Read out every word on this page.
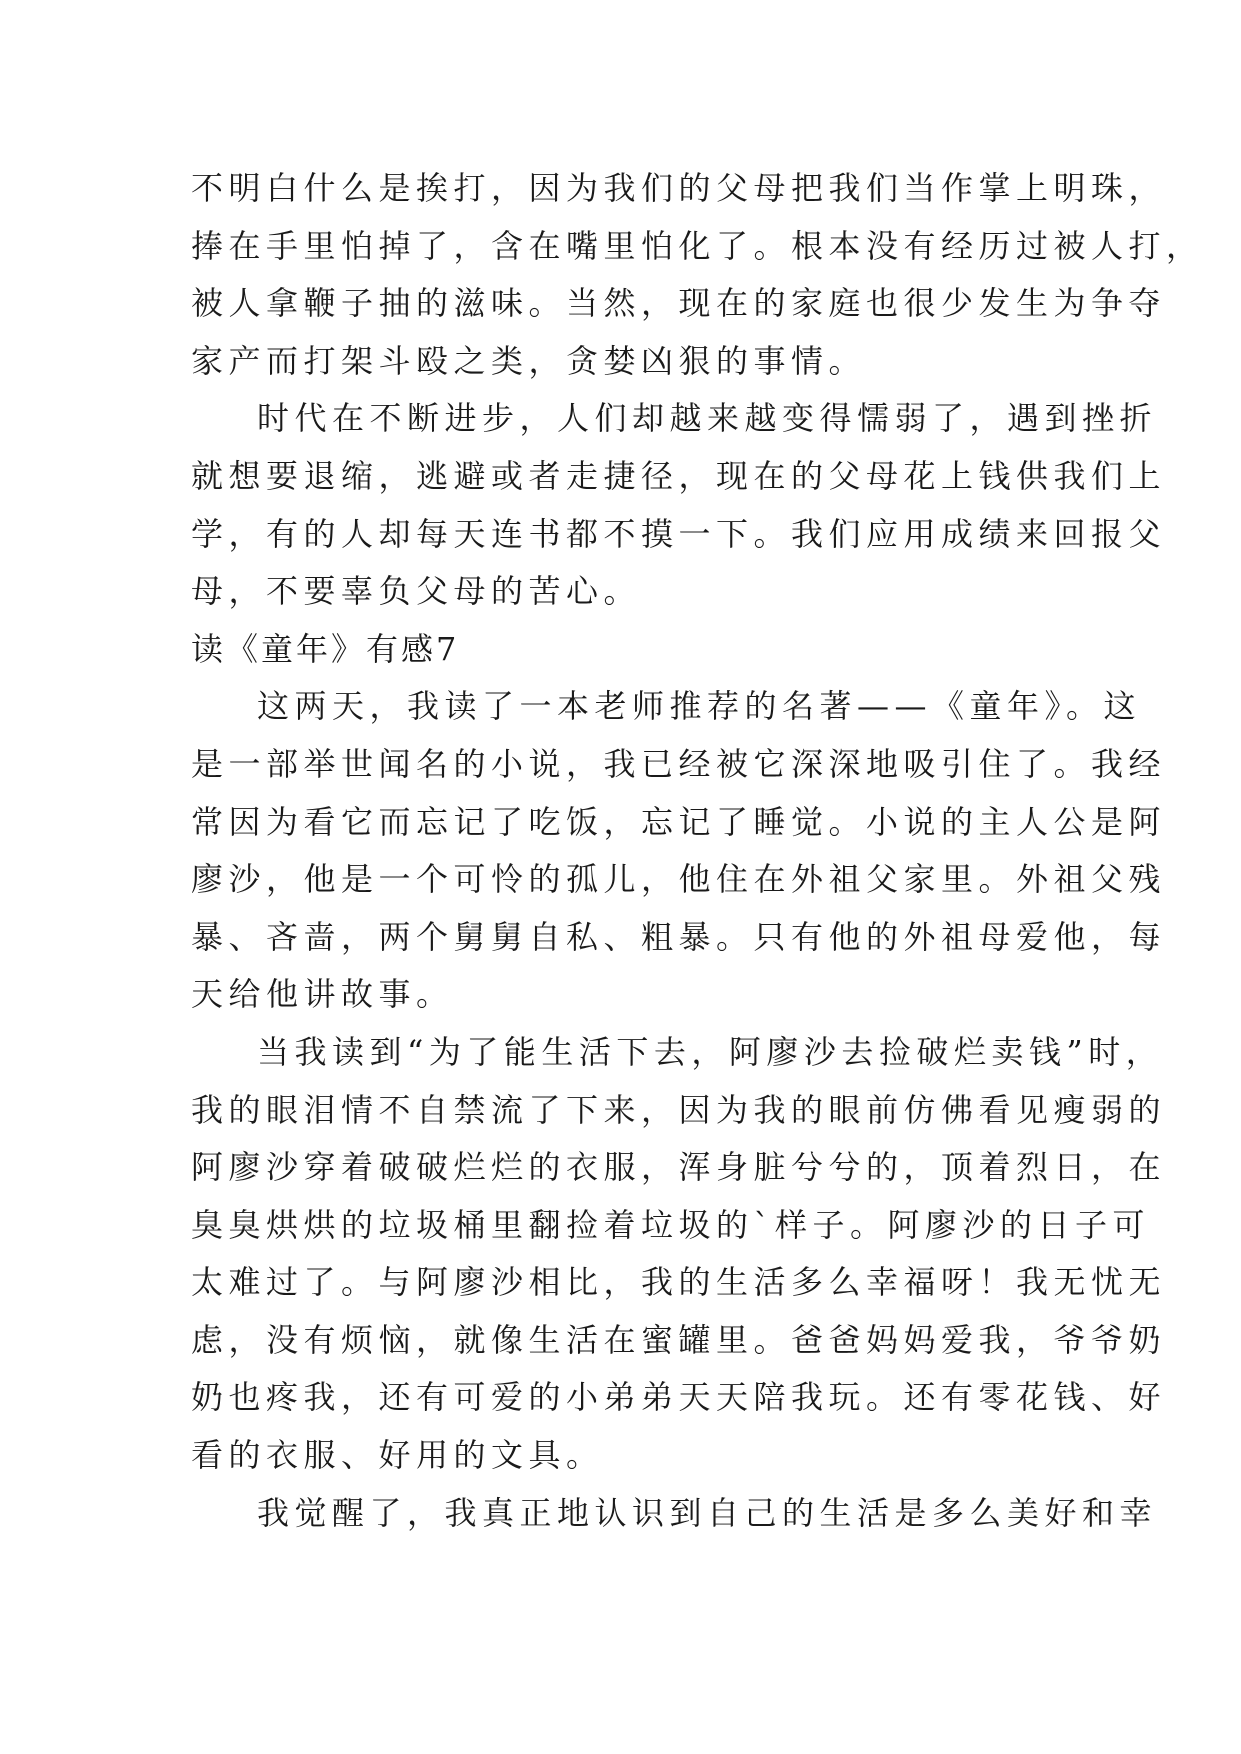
不明白什么是挨打，因为我们的父母把我们当作掌上明珠，
捧在手里怕掉了，含在嘴里怕化了。根本没有经历过被人打，
被人拿鞭子抽的滋味。当然，现在的家庭也很少发生为争夺
家产而打架斗殴之类，贪婪凶狠的事情。
时代在不断进步，人们却越来越变得懦弱了，遇到挫折
就想要退缩，逃避或者走捷径，现在的父母花上钱供我们上
学，有的人却每天连书都不摸一下。我们应用成绩来回报父
母，不要辜负父母的苦心。
读《童年》有感7
这两天，我读了一本老师推荐的名著——《童年》。这
是一部举世闻名的小说，我已经被它深深地吸引住了。我经
常因为看它而忘记了吃饭，忘记了睡觉。小说的主人公是阿
廖沙，他是一个可怜的孤儿，他住在外祖父家里。外祖父残
暴、吝啬，两个舅舅自私、粗暴。只有他的外祖母爱他，每
天给他讲故事。
当我读到“为了能生活下去，阿廖沙去捡破烂卖钱”时，
我的眼泪情不自禁流了下来，因为我的眼前仿佛看见瘦弱的
阿廖沙穿着破破烂烂的衣服，浑身脏兮兮的，顶着烈日，在
臭臭烘烘的垃圾桶里翻捡着垃圾的`样子。阿廖沙的日子可
太难过了。与阿廖沙相比，我的生活多么幸福呀！我无忧无
虑，没有烦恼，就像生活在蜜罐里。爸爸妈妈爱我，爷爷奶
奶也疼我，还有可爱的小弟弟天天陪我玩。还有零花钱、好
看的衣服、好用的文具。
我觉醒了，我真正地认识到自己的生活是多么美好和幸
